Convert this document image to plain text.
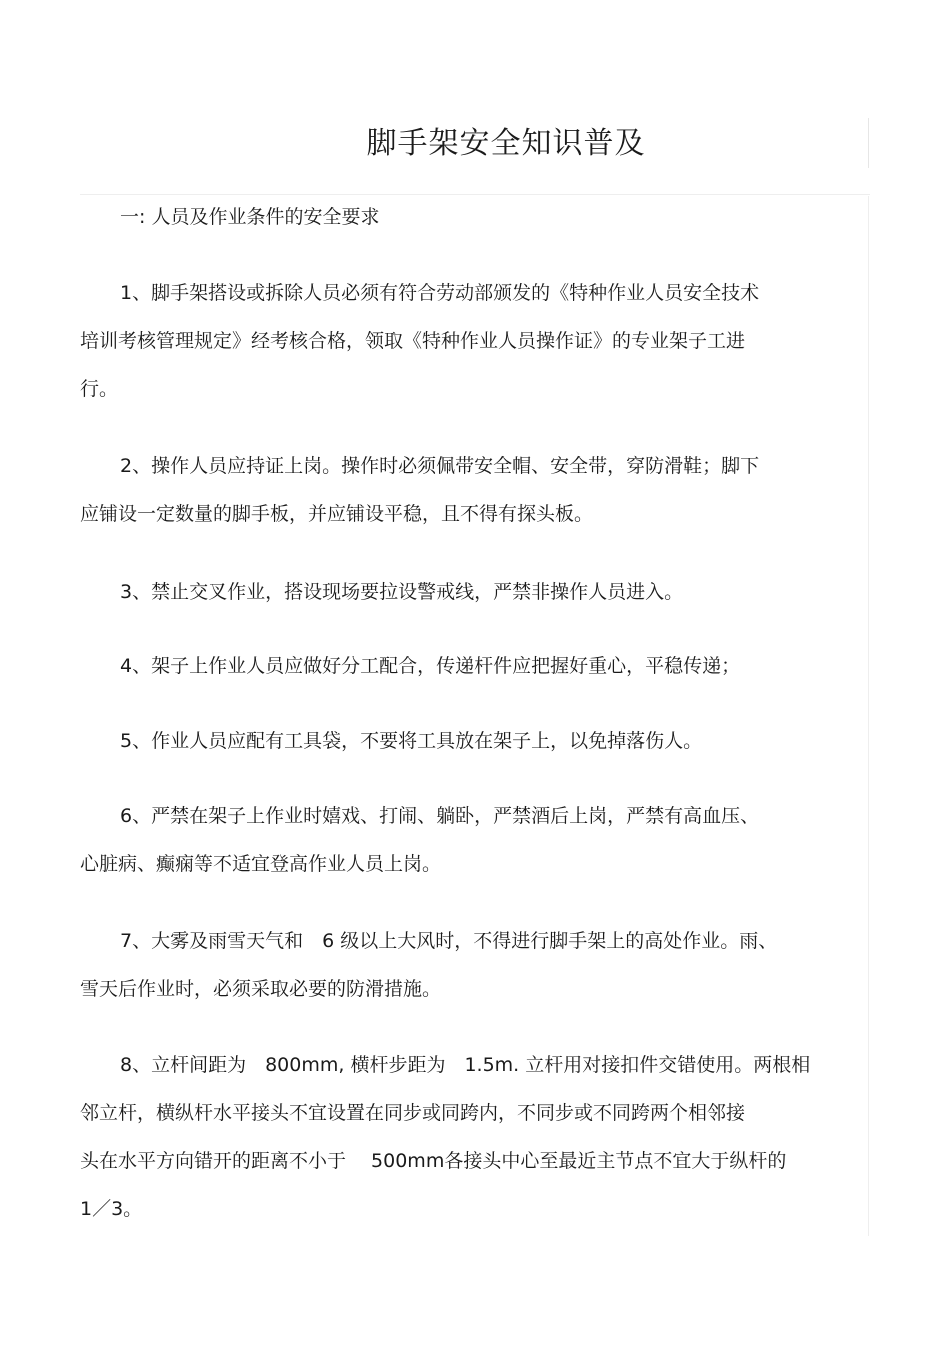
脚手架安全知识普及
一: 人员及作业条件的安全要求
1、脚手架搭设或拆除人员必须有符合劳动部颁发的《特种作业人员安全技术
培训考核管理规定》经考核合格，领取《特种作业人员操作证》的专业架子工进
行。
2、操作人员应持证上岗。操作时必须佩带安全帽、安全带，穿防滑鞋；脚下
应铺设一定数量的脚手板，并应铺设平稳，且不得有探头板。
3、禁止交叉作业，搭设现场要拉设警戒线，严禁非操作人员进入。
4、架子上作业人员应做好分工配合，传递杆件应把握好重心，平稳传递；
5、作业人员应配有工具袋，不要将工具放在架子上，以免掉落伤人。
6、严禁在架子上作业时嬉戏、打闹、躺卧，严禁酒后上岗，严禁有高血压、
心脏病、癫痫等不适宜登高作业人员上岗。
7、大雾及雨雪天气和　6 级以上大风时，不得进行脚手架上的高处作业。雨、
雪天后作业时，必须采取必要的防滑措施。
8、立杆间距为　800mm, 横杆步距为　1.5m. 立杆用对接扣件交错使用。两根相
邻立杆，横纵杆水平接头不宜设置在同步或同跨内，不同步或不同跨两个相邻接
头在水平方向错开的距离不小于　 500mm各接头中心至最近主节点不宜大于纵杆的
1／3。
